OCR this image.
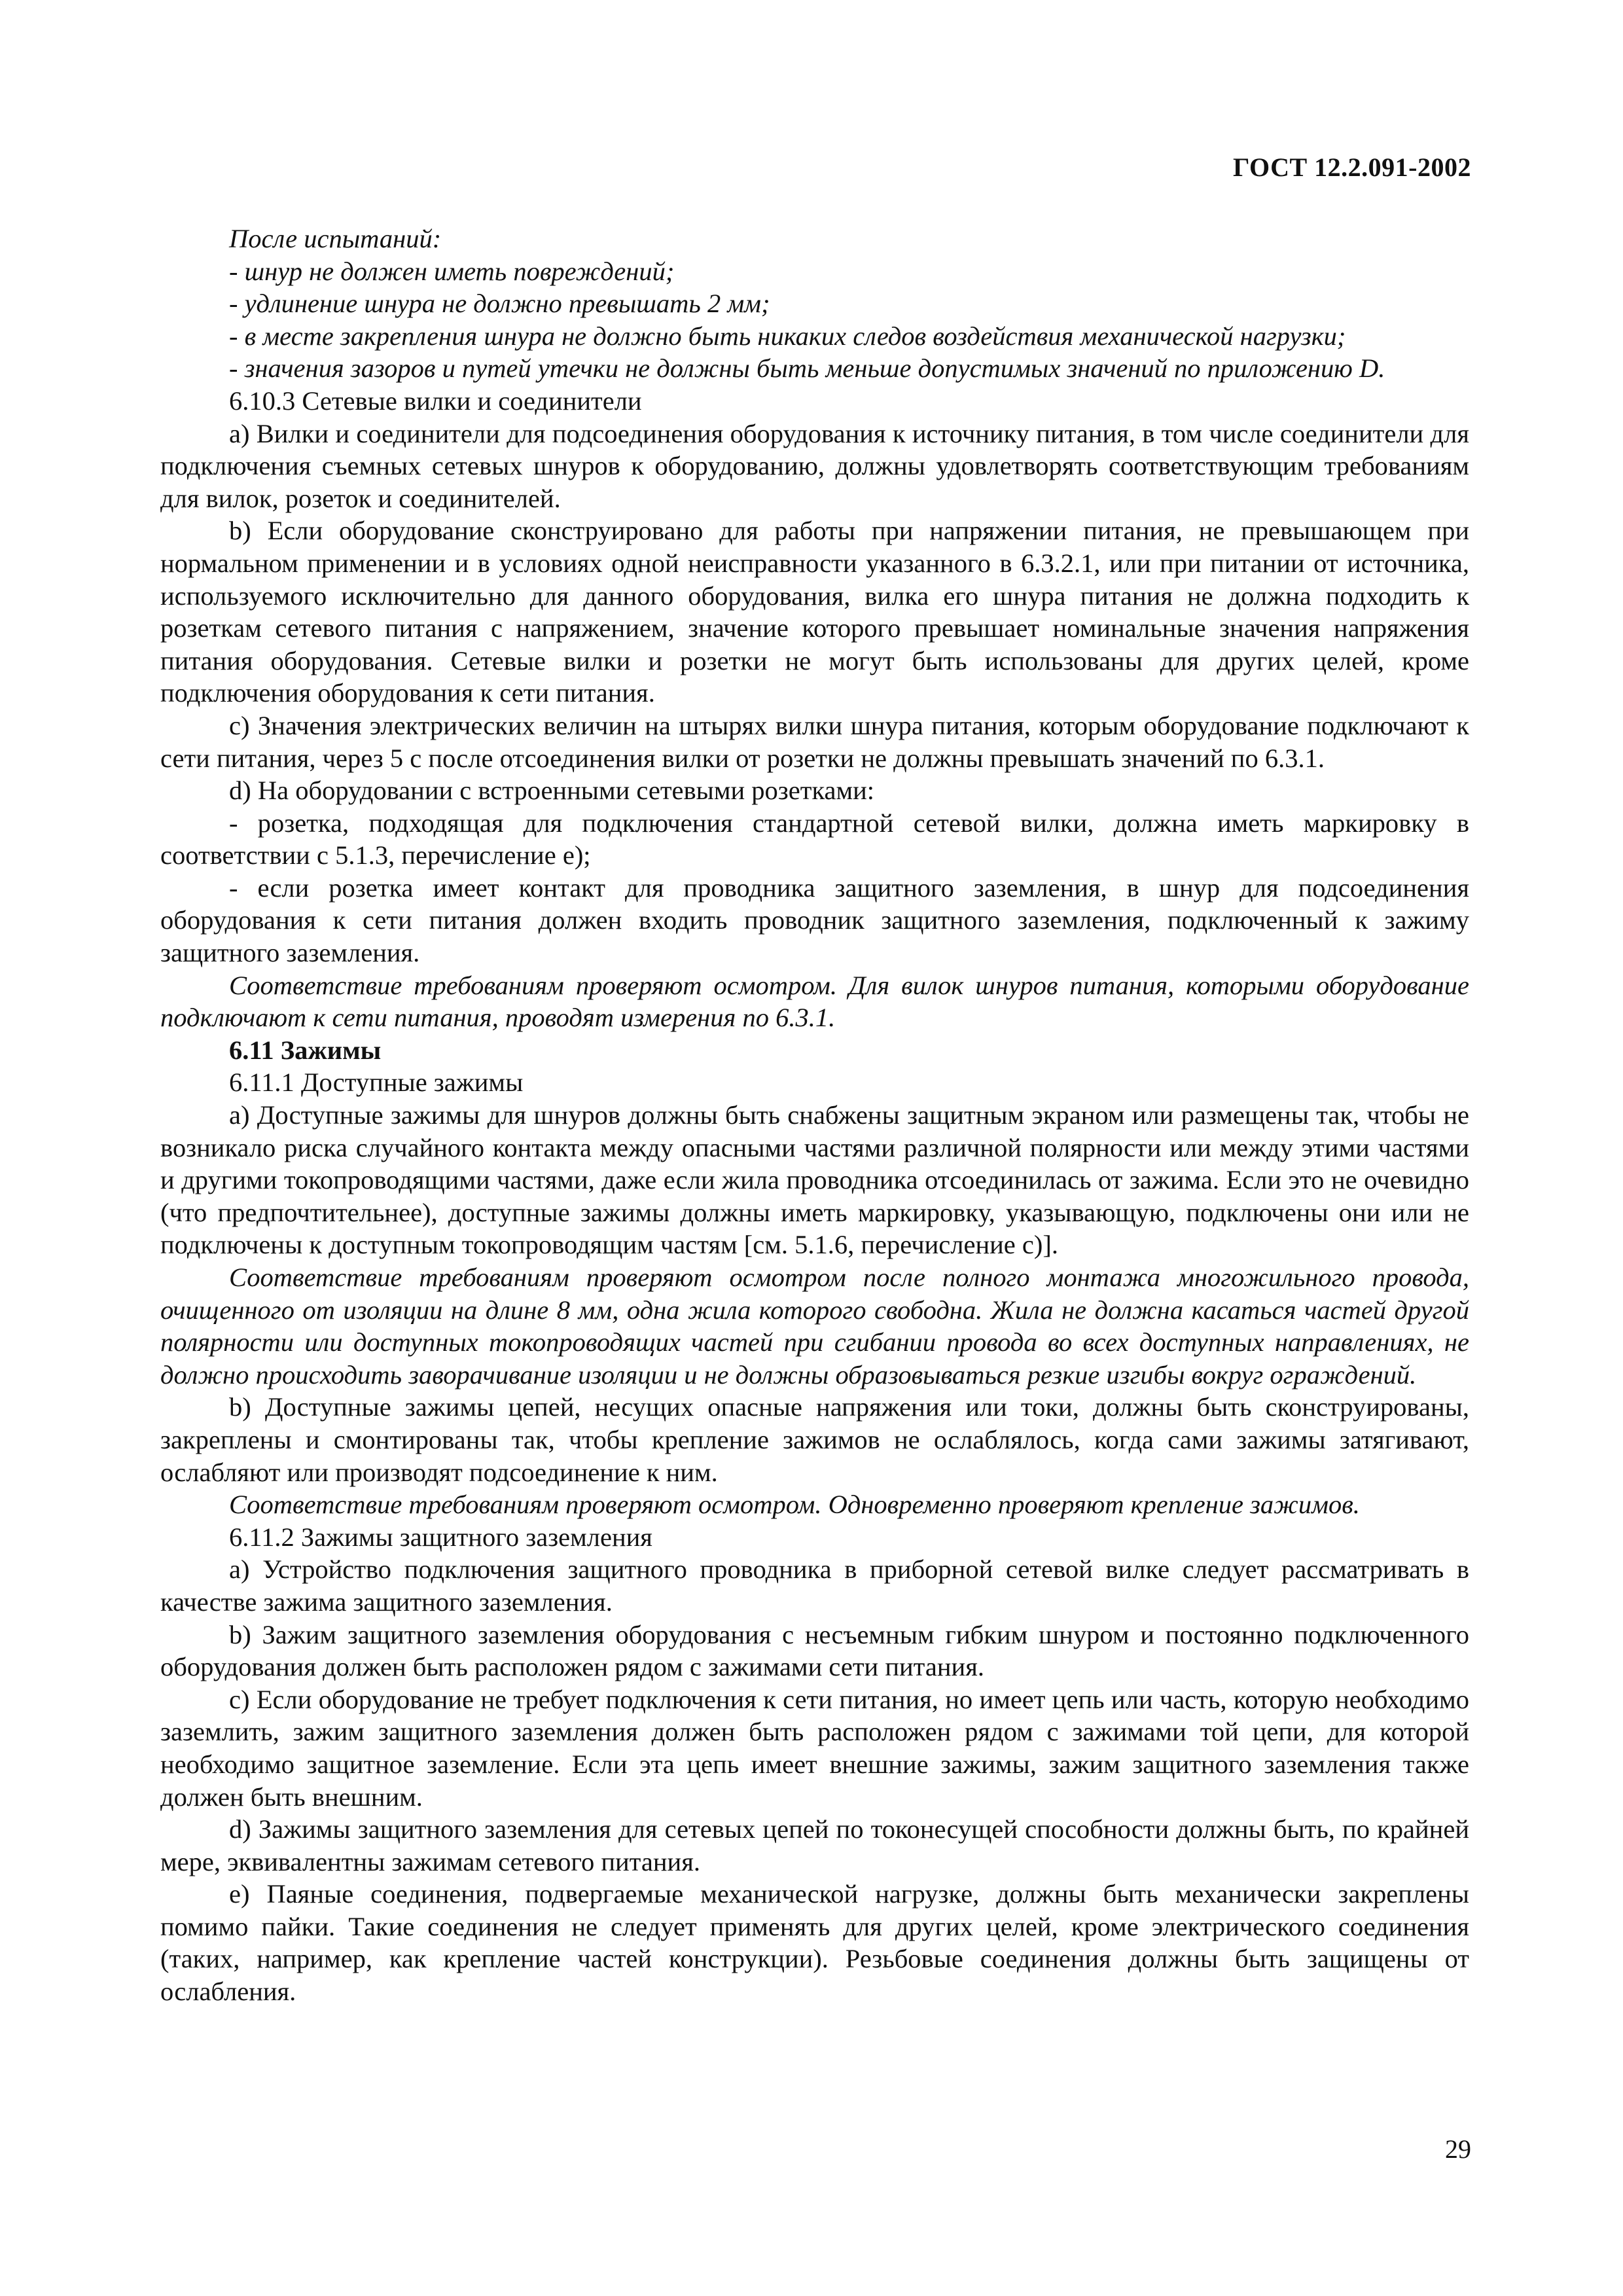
ГОСТ 12.2.091-2002

После испытаний:

- шнур не должен иметь повреждений;

- удлинение шнура не должно превышать 2 мм;

- в месте закрепления шнура не должно быть никаких следов воздействия механической нагрузки;

- значения зазоров и путей утечки не должны быть меньше допустимых значений по приложению D.

6.10.3 Сетевые вилки и соединители

а) Вилки и соединители для подсоединения оборудования к источнику питания, в том числе соединители для подключения съемных сетевых шнуров к оборудованию, должны удовлетворять соответствующим требованиям для вилок, розеток и соединителей.

b) Если оборудование сконструировано для работы при напряжении питания, не превышающем при нормальном применении и в условиях одной неисправности указанного в 6.3.2.1, или при питании от источника, используемого исключительно для данного оборудования, вилка его шнура питания не должна подходить к розеткам сетевого питания с напряжением, значение которого превышает номинальные значения напряжения питания оборудования. Сетевые вилки и розетки не могут быть использованы для других целей, кроме подключения оборудования к сети питания.

с) Значения электрических величин на штырях вилки шнура питания, которым оборудование подключают к сети питания, через 5 с после отсоединения вилки от розетки не должны превышать значений по 6.3.1.

d) На оборудовании с встроенными сетевыми розетками:

- розетка, подходящая для подключения стандартной сетевой вилки, должна иметь маркировку в соответствии с 5.1.3, перечисление е);

- если розетка имеет контакт для проводника защитного заземления, в шнур для подсоединения оборудования к сети питания должен входить проводник защитного заземления, подключенный к зажиму защитного заземления.

Соответствие требованиям проверяют осмотром. Для вилок шнуров питания, которыми оборудование подключают к сети питания, проводят измерения по 6.3.1.

6.11 Зажимы

6.11.1 Доступные зажимы

а) Доступные зажимы для шнуров должны быть снабжены защитным экраном или размещены так, чтобы не возникало риска случайного контакта между опасными частями различной полярности или между этими частями и другими токопроводящими частями, даже если жила проводника отсоединилась от зажима. Если это не очевидно (что предпочтительнее), доступные зажимы должны иметь маркировку, указывающую, подключены они или не подключены к доступным токопроводящим частям [см. 5.1.6, перечисление с)].

Соответствие требованиям проверяют осмотром после полного монтажа многожильного провода, очищенного от изоляции на длине 8 мм, одна жила которого свободна. Жила не должна касаться частей другой полярности или доступных токопроводящих частей при сгибании провода во всех доступных направлениях, не должно происходить заворачивание изоляции и не должны образовываться резкие изгибы вокруг ограждений.

b) Доступные зажимы цепей, несущих опасные напряжения или токи, должны быть сконструированы, закреплены и смонтированы так, чтобы крепление зажимов не ослаблялось, когда сами зажимы затягивают, ослабляют или производят подсоединение к ним.

Соответствие требованиям проверяют осмотром. Одновременно проверяют крепление зажимов.

6.11.2 Зажимы защитного заземления

а) Устройство подключения защитного проводника в приборной сетевой вилке следует рассматривать в качестве зажима защитного заземления.

b) Зажим защитного заземления оборудования с несъемным гибким шнуром и постоянно подключенного оборудования должен быть расположен рядом с зажимами сети питания.

с) Если оборудование не требует подключения к сети питания, но имеет цепь или часть, которую необходимо заземлить, зажим защитного заземления должен быть расположен рядом с зажимами той цепи, для которой необходимо защитное заземление. Если эта цепь имеет внешние зажимы, зажим защитного заземления также должен быть внешним.

d) Зажимы защитного заземления для сетевых цепей по токонесущей способности должны быть, по крайней мере, эквивалентны зажимам сетевого питания.

е) Паяные соединения, подвергаемые механической нагрузке, должны быть механически закреплены помимо пайки. Такие соединения не следует применять для других целей, кроме электрического соединения (таких, например, как крепление частей конструкции). Резьбовые соединения должны быть защищены от ослабления.

29
